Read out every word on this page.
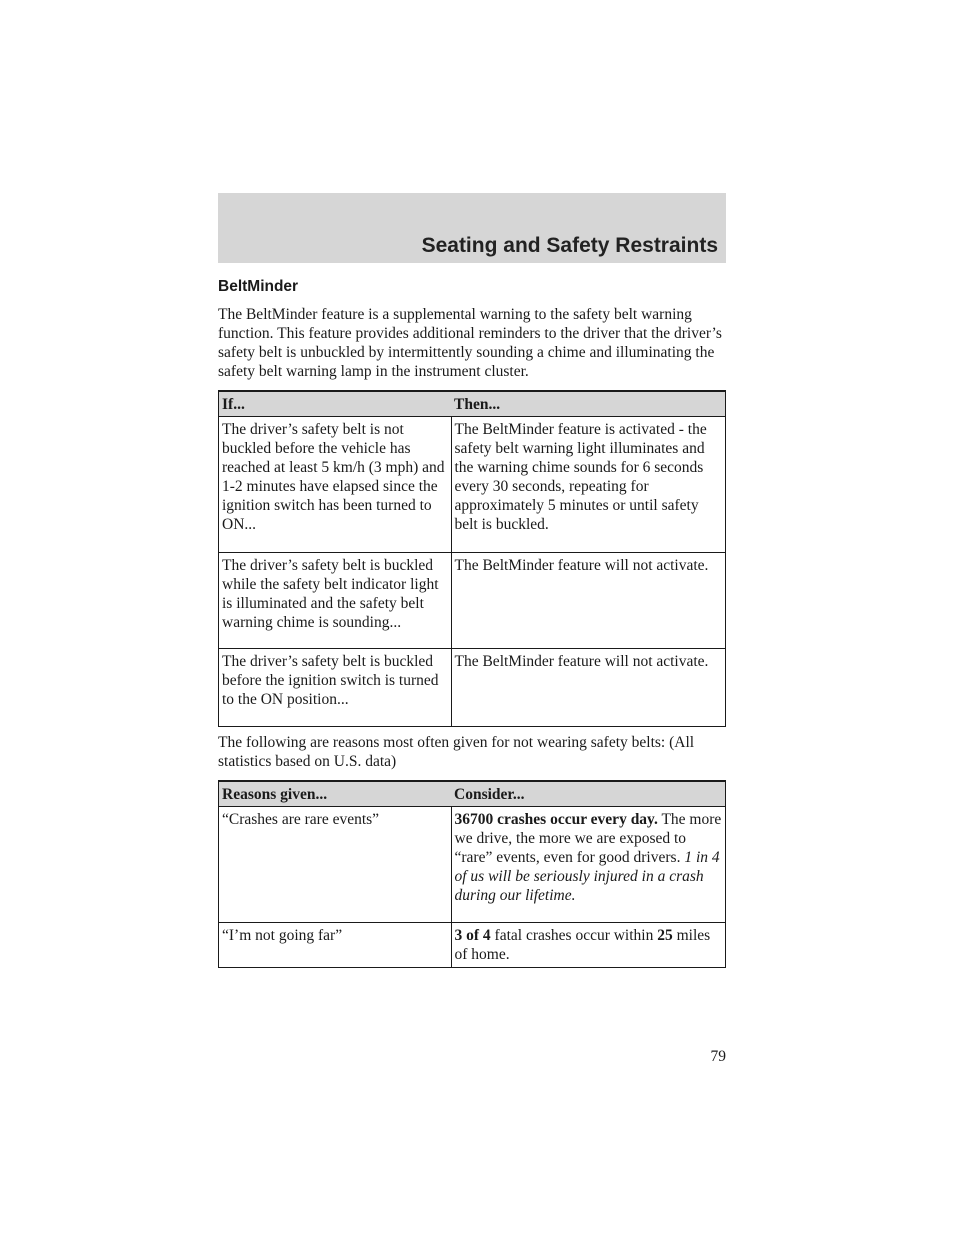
Seating and Safety Restraints

BeltMinder

The BeltMinder feature is a supplemental warning to the safety belt warning function. This feature provides additional reminders to the driver that the driver’s safety belt is unbuckled by intermittently sounding a chime and illuminating the safety belt warning lamp in the instrument cluster.

If...	Then...
The driver’s safety belt is not buckled before the vehicle has reached at least 5 km/h (3 mph) and 1-2 minutes have elapsed since the ignition switch has been turned to ON...	The BeltMinder feature is activated - the safety belt warning light illuminates and the warning chime sounds for 6 seconds every 30 seconds, repeating for approximately 5 minutes or until safety belt is buckled.
The driver’s safety belt is buckled while the safety belt indicator light is illuminated and the safety belt warning chime is sounding...	The BeltMinder feature will not activate.
The driver’s safety belt is buckled before the ignition switch is turned to the ON position...	The BeltMinder feature will not activate.

The following are reasons most often given for not wearing safety belts: (All statistics based on U.S. data)

Reasons given...	Consider...
“Crashes are rare events”	36700 crashes occur every day. The more we drive, the more we are exposed to “rare” events, even for good drivers. 1 in 4 of us will be seriously injured in a crash during our lifetime.
“I’m not going far”	3 of 4 fatal crashes occur within 25 miles of home.

79
